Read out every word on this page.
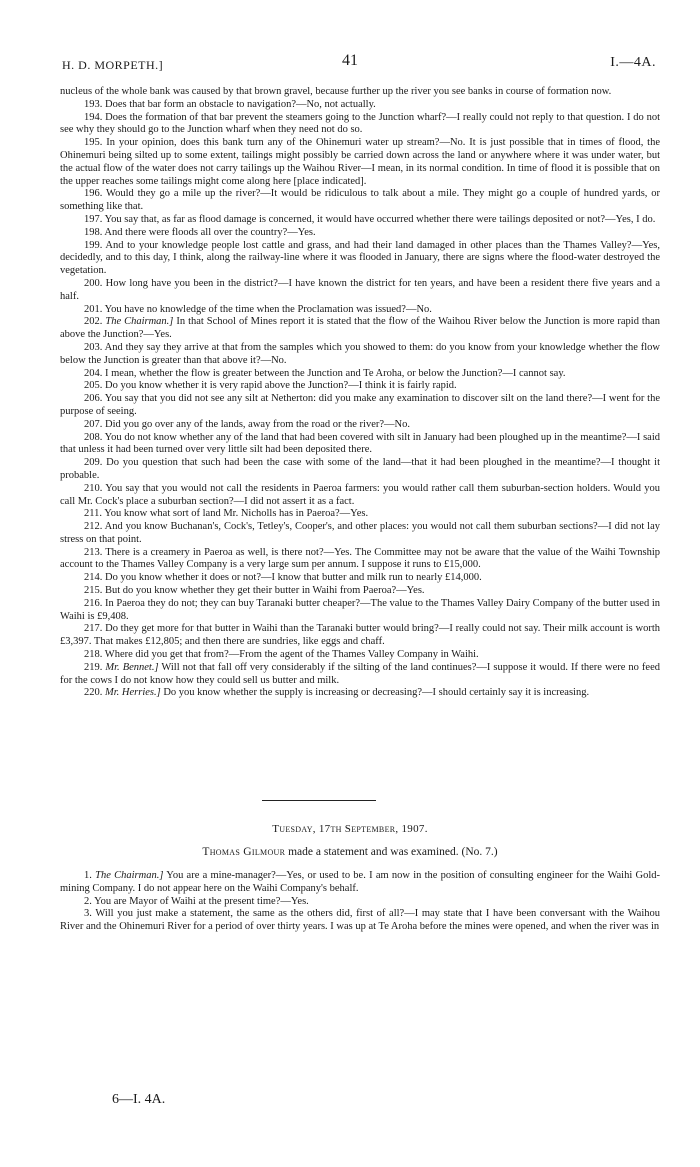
H. D. MORPETH.]	41	I.—4A.

nucleus of the whole bank was caused by that brown gravel, because further up the river you see banks in course of formation now.

193. Does that bar form an obstacle to navigation?—No, not actually.

194. Does the formation of that bar prevent the steamers going to the Junction wharf?—I really could not reply to that question. I do not see why they should go to the Junction wharf when they need not do so.

195. In your opinion, does this bank turn any of the Ohinemuri water up stream?—No. It is just possible that in times of flood, the Ohinemuri being silted up to some extent, tailings might possibly be carried down across the land or anywhere where it was under water, but the actual flow of the water does not carry tailings up the Waihou River—I mean, in its normal condition. In time of flood it is possible that on the upper reaches some tailings might come along here [place indicated].

196. Would they go a mile up the river?—It would be ridiculous to talk about a mile. They might go a couple of hundred yards, or something like that.

197. You say that, as far as flood damage is concerned, it would have occurred whether there were tailings deposited or not?—Yes, I do.

198. And there were floods all over the country?—Yes.

199. And to your knowledge people lost cattle and grass, and had their land damaged in other places than the Thames Valley?—Yes, decidedly, and to this day, I think, along the railway-line where it was flooded in January, there are signs where the flood-water destroyed the vegetation.

200. How long have you been in the district?—I have known the district for ten years, and have been a resident there five years and a half.

201. You have no knowledge of the time when the Proclamation was issued?—No.

202. The Chairman.] In that School of Mines report it is stated that the flow of the Waihou River below the Junction is more rapid than above the Junction?—Yes.

203. And they say they arrive at that from the samples which you showed to them: do you know from your knowledge whether the flow below the Junction is greater than that above it?—No.

204. I mean, whether the flow is greater between the Junction and Te Aroha, or below the Junction?—I cannot say.

205. Do you know whether it is very rapid above the Junction?—I think it is fairly rapid.

206. You say that you did not see any silt at Netherton: did you make any examination to discover silt on the land there?—I went for the purpose of seeing.

207. Did you go over any of the lands, away from the road or the river?—No.

208. You do not know whether any of the land that had been covered with silt in January had been ploughed up in the meantime?—I said that unless it had been turned over very little silt had been deposited there.

209. Do you question that such had been the case with some of the land—that it had been ploughed in the meantime?—I thought it probable.

210. You say that you would not call the residents in Paeroa farmers: you would rather call them suburban-section holders. Would you call Mr. Cock's place a suburban section?—I did not assert it as a fact.

211. You know what sort of land Mr. Nicholls has in Paeroa?—Yes.

212. And you know Buchanan's, Cock's, Tetley's, Cooper's, and other places: you would not call them suburban sections?—I did not lay stress on that point.

213. There is a creamery in Paeroa as well, is there not?—Yes. The Committee may not be aware that the value of the Waihi Township account to the Thames Valley Company is a very large sum per annum. I suppose it runs to £15,000.

214. Do you know whether it does or not?—I know that butter and milk run to nearly £14,000.

215. But do you know whether they get their butter in Waihi from Paeroa?—Yes.

216. In Paeroa they do not; they can buy Taranaki butter cheaper?—The value to the Thames Valley Dairy Company of the butter used in Waihi is £9,408.

217. Do they get more for that butter in Waihi than the Taranaki butter would bring?—I really could not say. Their milk account is worth £3,397. That makes £12,805; and then there are sundries, like eggs and chaff.

218. Where did you get that from?—From the agent of the Thames Valley Company in Waihi.

219. Mr. Bennet.] Will not that fall off very considerably if the silting of the land continues?—I suppose it would. If there were no feed for the cows I do not know how they could sell us butter and milk.

220. Mr. Herries.] Do you know whether the supply is increasing or decreasing?—I should certainly say it is increasing.

Tuesday, 17th September, 1907.
Thomas Gilmour made a statement and was examined. (No. 7.)

1. The Chairman.] You are a mine-manager?—Yes, or used to be. I am now in the position of consulting engineer for the Waihi Gold-mining Company. I do not appear here on the Waihi Company's behalf.

2. You are Mayor of Waihi at the present time?—Yes.

3. Will you just make a statement, the same as the others did, first of all?—I may state that I have been conversant with the Waihou River and the Ohinemuri River for a period of over thirty years. I was up at Te Aroha before the mines were opened, and when the river was in

6—I. 4A.
